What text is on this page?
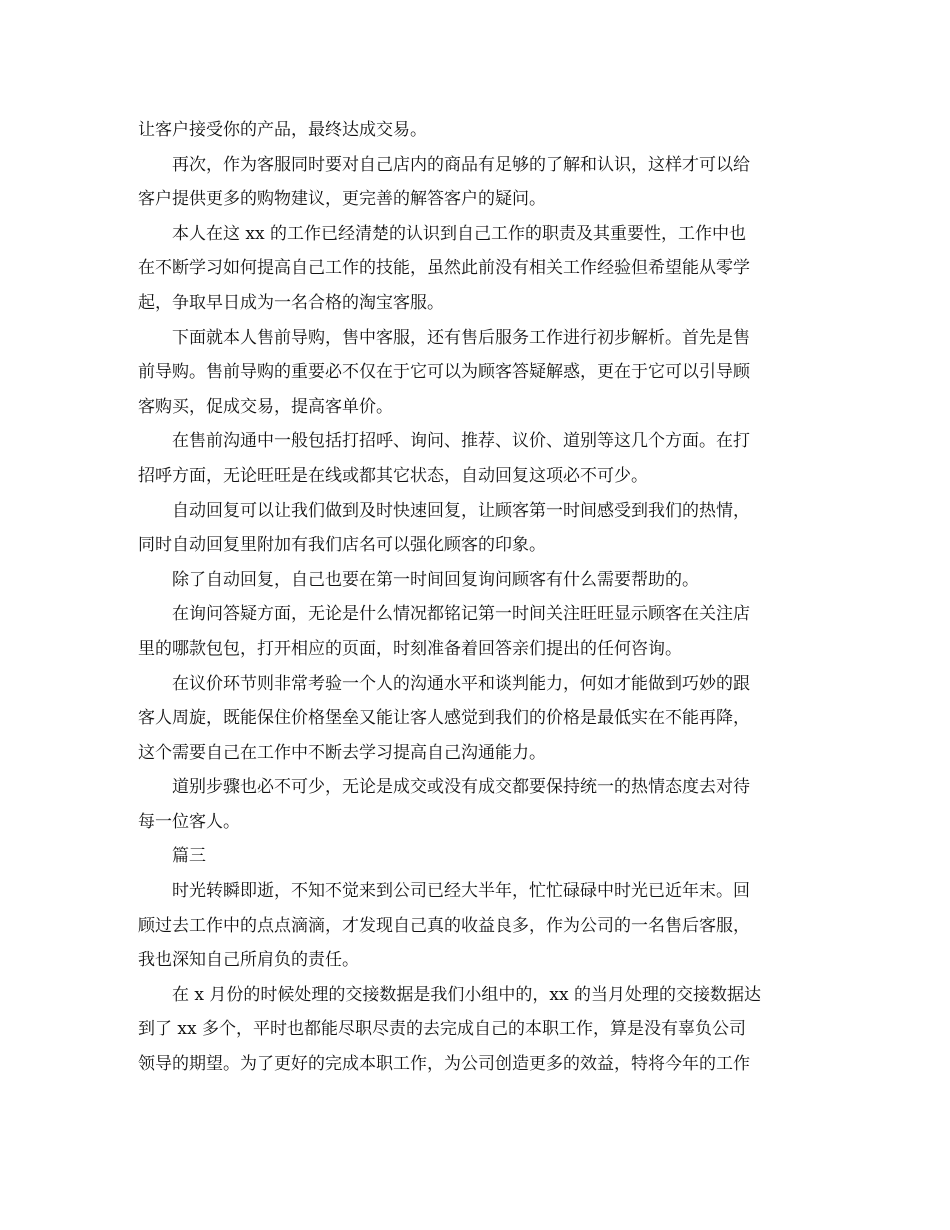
让客户接受你的产品，最终达成交易。
再次，作为客服同时要对自己店内的商品有足够的了解和认识，这样才可以给
客户提供更多的购物建议，更完善的解答客户的疑问。
本人在这 xx 的工作已经清楚的认识到自己工作的职责及其重要性，工作中也
在不断学习如何提高自己工作的技能，虽然此前没有相关工作经验但希望能从零学
起，争取早日成为一名合格的淘宝客服。
下面就本人售前导购，售中客服，还有售后服务工作进行初步解析。首先是售
前导购。售前导购的重要必不仅在于它可以为顾客答疑解惑，更在于它可以引导顾
客购买，促成交易，提高客单价。
在售前沟通中一般包括打招呼、询问、推荐、议价、道别等这几个方面。在打
招呼方面，无论旺旺是在线或都其它状态，自动回复这项必不可少。
自动回复可以让我们做到及时快速回复，让顾客第一时间感受到我们的热情，
同时自动回复里附加有我们店名可以强化顾客的印象。
除了自动回复，自己也要在第一时间回复询问顾客有什么需要帮助的。
在询问答疑方面，无论是什么情况都铭记第一时间关注旺旺显示顾客在关注店
里的哪款包包，打开相应的页面，时刻准备着回答亲们提出的任何咨询。
在议价环节则非常考验一个人的沟通水平和谈判能力，何如才能做到巧妙的跟
客人周旋，既能保住价格堡垒又能让客人感觉到我们的价格是最低实在不能再降，
这个需要自己在工作中不断去学习提高自己沟通能力。
道别步骤也必不可少，无论是成交或没有成交都要保持统一的热情态度去对待
每一位客人。
篇三
时光转瞬即逝，不知不觉来到公司已经大半年，忙忙碌碌中时光已近年末。回
顾过去工作中的点点滴滴，才发现自己真的收益良多，作为公司的一名售后客服，
我也深知自己所肩负的责任。
在 x 月份的时候处理的交接数据是我们小组中的，xx 的当月处理的交接数据达
到了 xx 多个，平时也都能尽职尽责的去完成自己的本职工作，算是没有辜负公司
领导的期望。为了更好的完成本职工作，为公司创造更多的效益，特将今年的工作
